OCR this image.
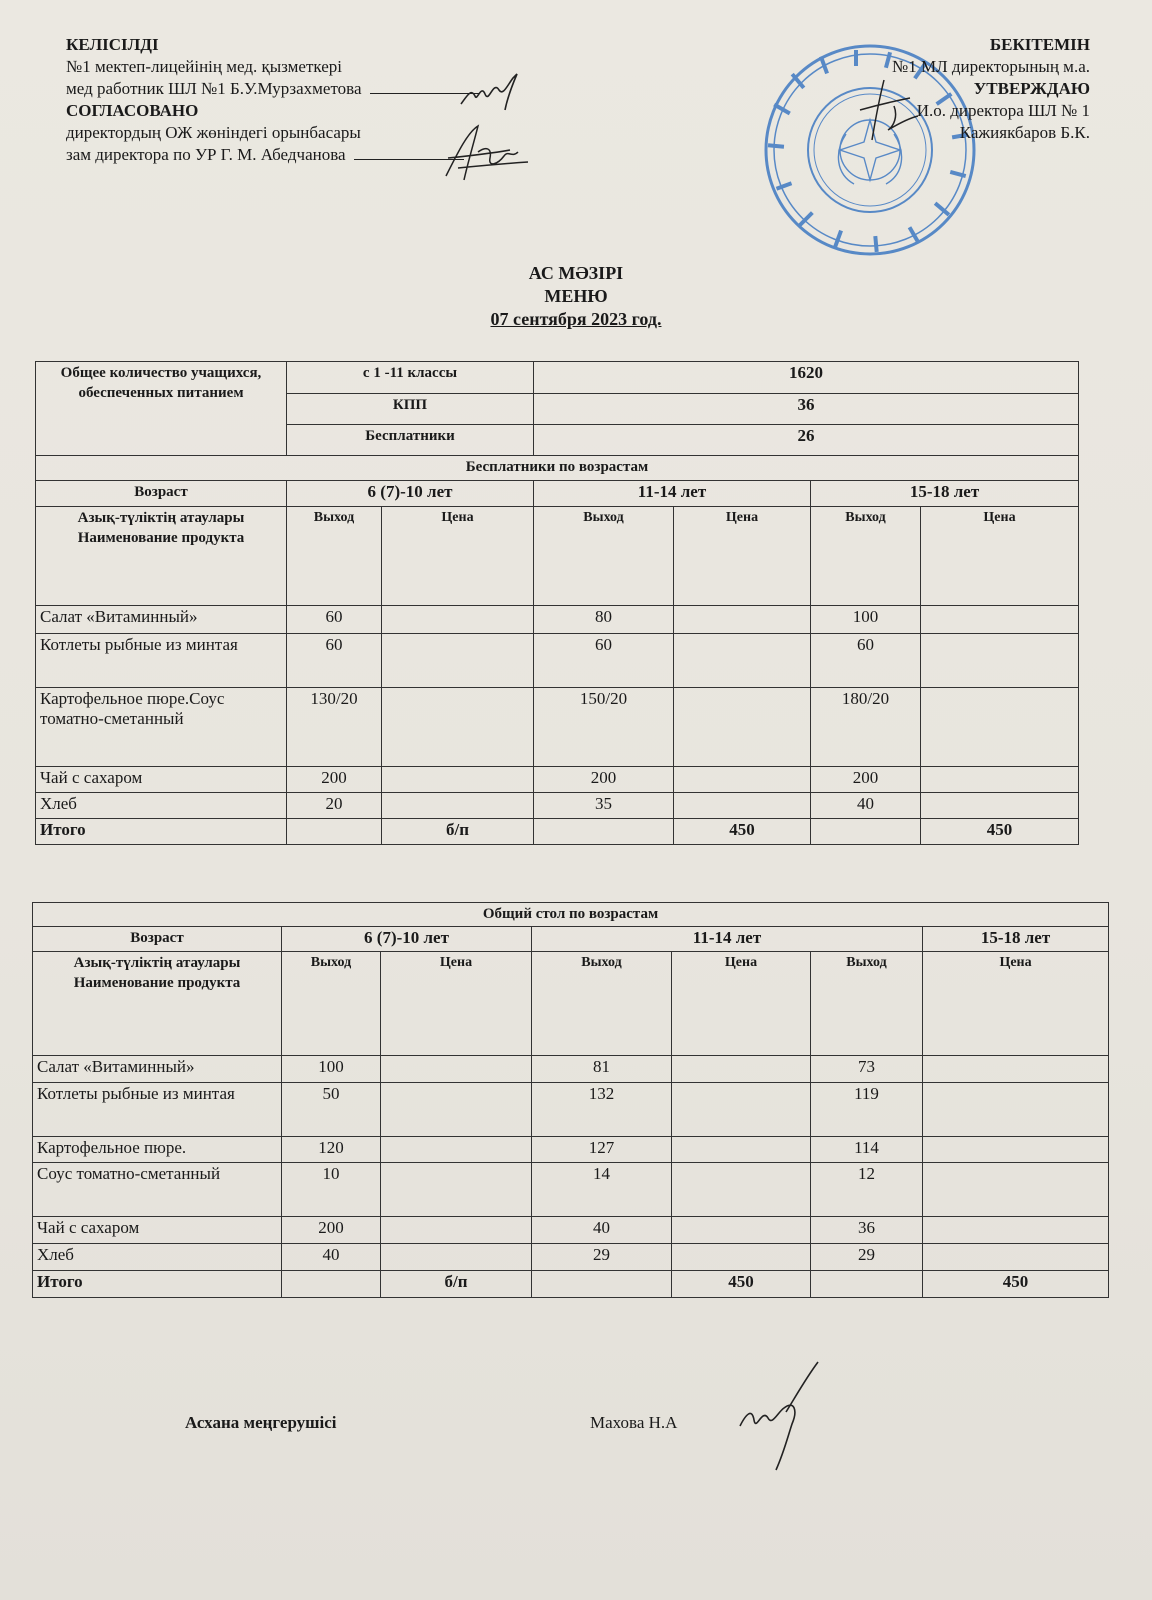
КЕЛІСІЛДІ
№1 мектеп-лицейінің мед. қызметкері
мед работник ШЛ №1 Б.У.Мурзахметова
СОГЛАСОВАНО
директордың ОЖ жөніндегі орынбасары
зам директора по УР Г. М. Абедчанова
БЕКІТЕМІН
№1 МЛ директорының м.а.
УТВЕРЖДАЮ
И.о. директора ШЛ № 1
Кажиякбаров Б.К.
АС МӘЗІРІ
МЕНЮ
07 сентября 2023 год.
Общее количество учащихся, обеспеченных питанием	с 1 -11 классы		1620			
	КПП		36			
	Бесплатники		26			
Бесплатники по возрастам						
Возраст	6 (7)-10 лет		11-14 лет		15-18 лет	
Азық-түліктің атаулары Наименование продукта	Выход	Цена	Выход	Цена	Выход	Цена
Салат «Витаминный»	60		80		100	
Котлеты рыбные из минтая	60		60		60	
Картофельное пюре.Соус томатно-сметанный	130/20		150/20		180/20	
Чай с сахаром	200		200		200	
Хлеб	20		35		40	
Итого		б/п		450		450
Общий стол по возрастам						
Возраст	6 (7)-10 лет		11-14 лет			15-18 лет
Азық-түліктің атаулары Наименование продукта	Выход	Цена	Выход	Цена	Выход	Цена
Салат «Витаминный»	100		81		73	
Котлеты рыбные из минтая	50		132		119	
Картофельное пюре.	120		127		114	
Соус томатно-сметанный	10		14		12	
Чай с сахаром	200		40		36	
Хлеб	40		29		29	
Итого		б/п		450		450
Асхана меңгерушісі	Махова Н.А
